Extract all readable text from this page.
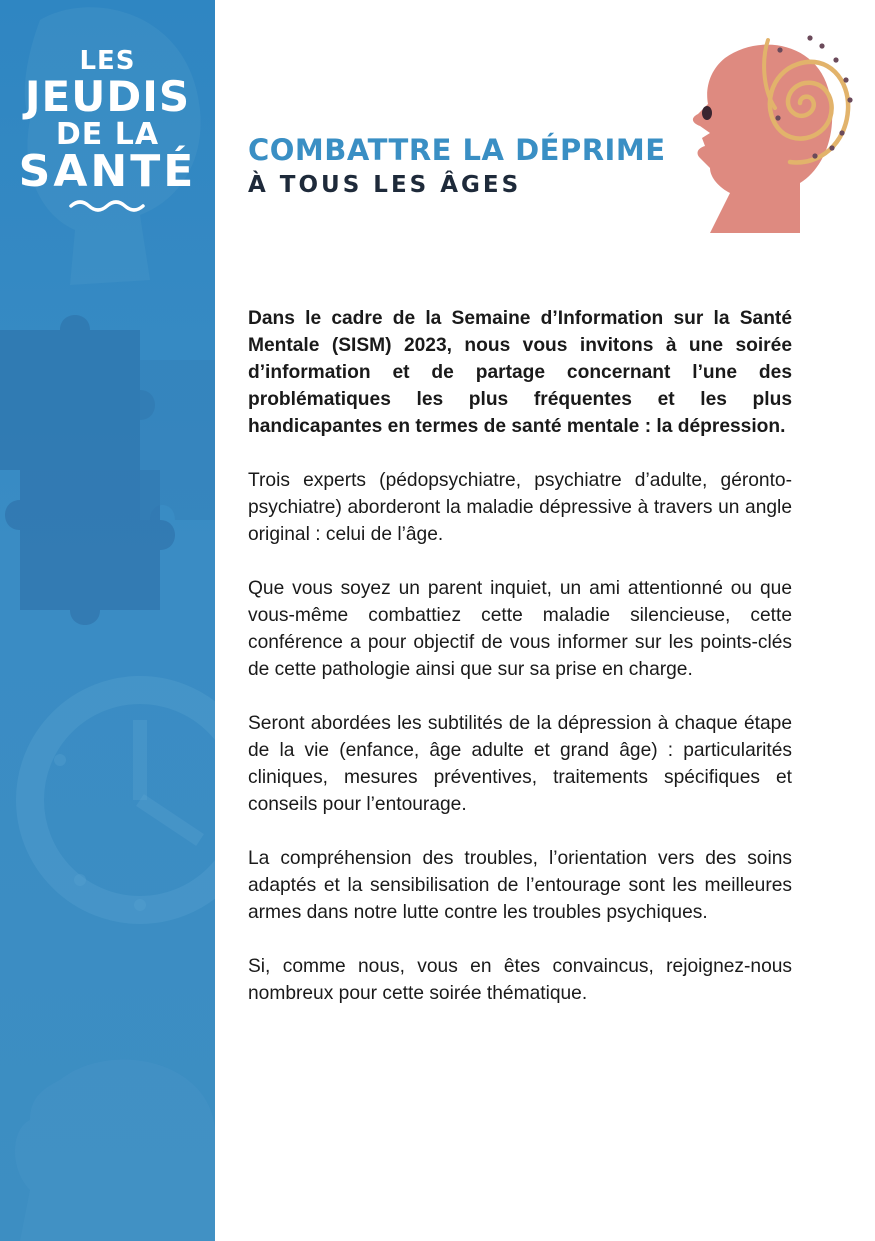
LES
JEUDIS
DE LA
SANTÉ	COMBATTRE LA DÉPRIME
À TOUS LES ÂGES

Dans le cadre de la Semaine d’Information sur la Santé Mentale (SISM) 2023, nous vous invitons à une soirée d’information et de partage concernant l’une des problématiques les plus fréquentes et les plus handicapantes en termes de santé mentale : la dépression.

Trois experts (pédopsychiatre, psychiatre d’adulte, géronto-psychiatre) aborderont la maladie dépressive à travers un angle original : celui de l’âge.

Que vous soyez un parent inquiet, un ami attentionné ou que vous-même combattiez cette maladie silencieuse, cette conférence a pour objectif de vous informer sur les points-clés de cette pathologie ainsi que sur sa prise en charge.

Seront abordées les subtilités de la dépression à chaque étape de la vie (enfance, âge adulte et grand âge) : particularités cliniques, mesures préventives, traitements spécifiques et conseils pour l’entourage.

La compréhension des troubles, l’orientation vers des soins adaptés et la sensibilisation de l’entourage sont les meilleures armes dans notre lutte contre les troubles psychiques.

Si, comme nous, vous en êtes convaincus, rejoignez-nous nombreux pour cette soirée thématique.
